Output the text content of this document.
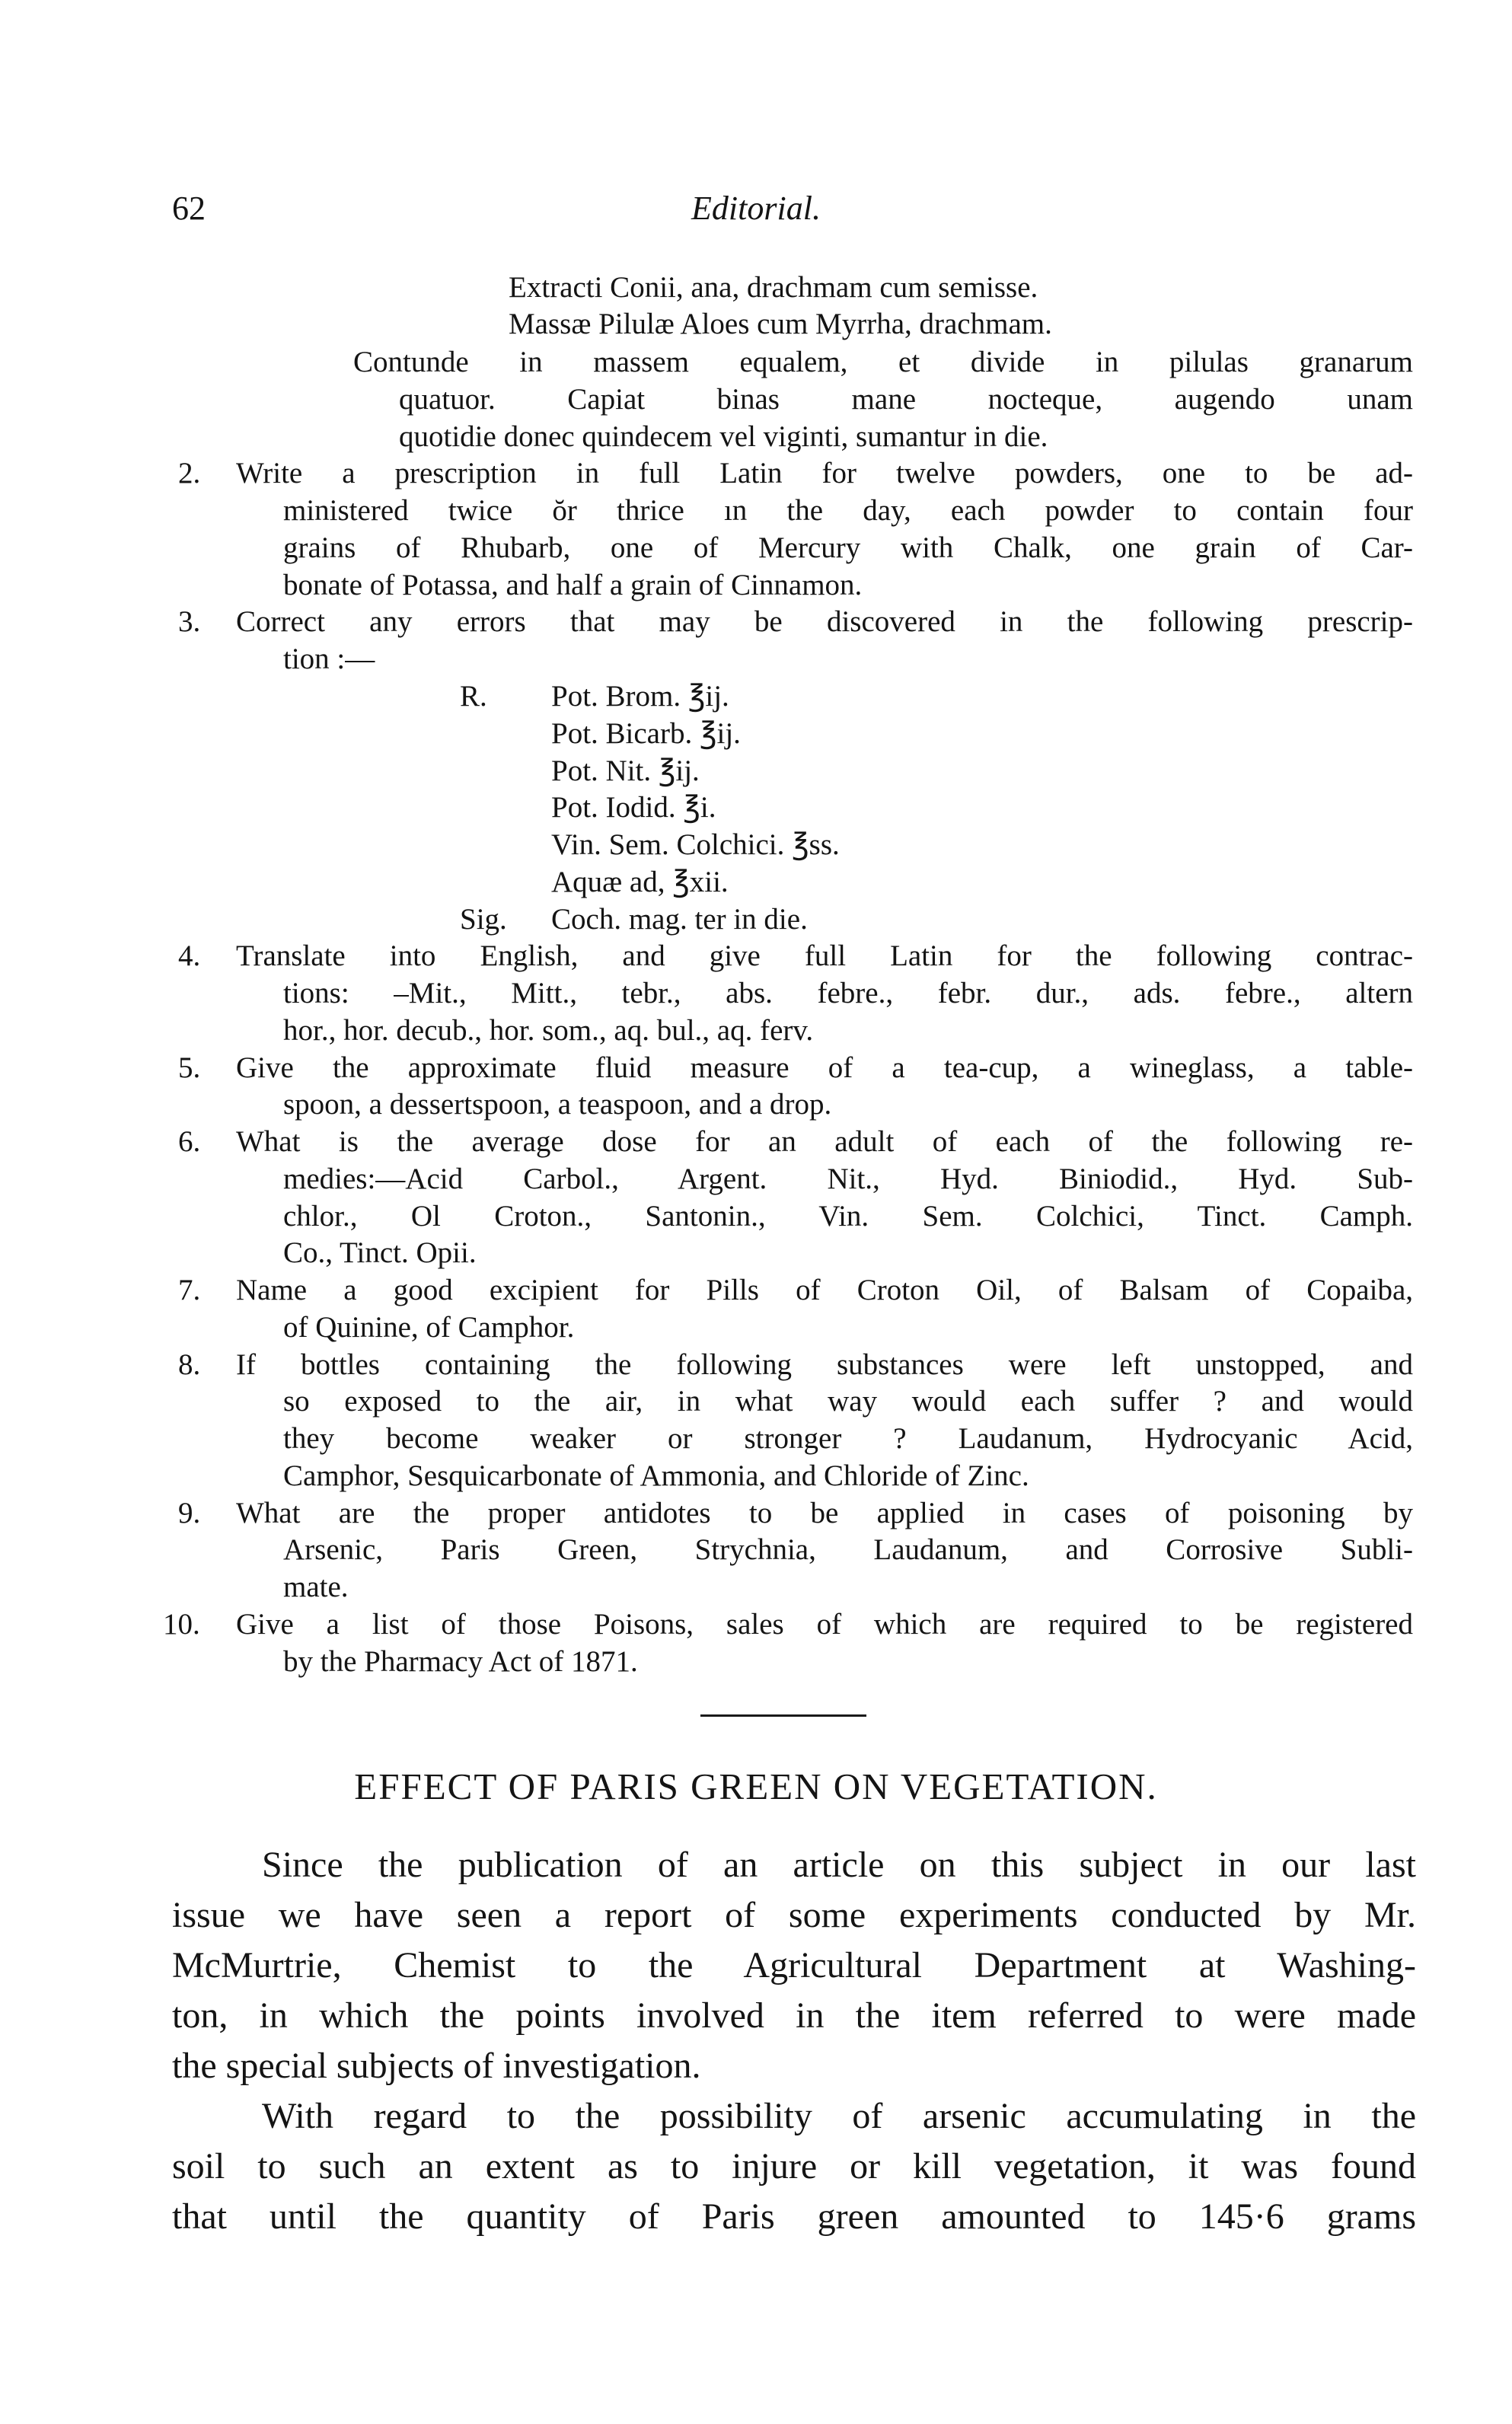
62	Editorial.
Extracti Conii, ana, drachmam cum semisse.
Massæ Pilulæ Aloes cum Myrrha, drachmam.
Contunde in massem equalem, et divide in pilulas granarum
quatuor. Capiat binas mane nocteque, augendo unam
quotidie donec quindecem vel viginti, sumantur in die.
2. Write a prescription in full Latin for twelve powders, one to be ad-
ministered twice ŏr thrice ın the day, each powder to contain four
grains of Rhubarb, one of Mercury with Chalk, one grain of Car-
bonate of Potassa, and half a grain of Cinnamon.
3. Correct any errors that may be discovered in the following prescrip-
tion :—
R. Pot. Brom. ℥ij.
Pot. Bicarb. ℥ij.
Pot. Nit. ℥ij.
Pot. Iodid. ℥i.
Vin. Sem. Colchici. ℥ss.
Aquæ ad, ℥xii.
Sig. Coch. mag. ter in die.
4. Translate into English, and give full Latin for the following contrac-
tions: –Mit., Mitt., tebr., abs. febre., febr. dur., ads. febre., altern
hor., hor. decub., hor. som., aq. bul., aq. ferv.
5. Give the approximate fluid measure of a tea-cup, a wineglass, a table-
spoon, a dessertspoon, a teaspoon, and a drop.
6. What is the average dose for an adult of each of the following re-
medies:—Acid Carbol., Argent. Nit., Hyd. Biniodid., Hyd. Sub-
chlor., Ol Croton., Santonin., Vin. Sem. Colchici, Tinct. Camph.
Co., Tinct. Opii.
7. Name a good excipient for Pills of Croton Oil, of Balsam of Copaiba,
of Quinine, of Camphor.
8. If bottles containing the following substances were left unstopped, and
so exposed to the air, in what way would each suffer ? and would
they become weaker or stronger ? Laudanum, Hydrocyanic Acid,
Camphor, Sesquicarbonate of Ammonia, and Chloride of Zinc.
9. What are the proper antidotes to be applied in cases of poisoning by
Arsenic, Paris Green, Strychnia, Laudanum, and Corrosive Subli-
mate.
10. Give a list of those Poisons, sales of which are required to be registered
by the Pharmacy Act of 1871.
EFFECT OF PARIS GREEN ON VEGETATION.
Since the publication of an article on this subject in our last
issue we have seen a report of some experiments conducted by Mr.
McMurtrie, Chemist to the Agricultural Department at Washing-
ton, in which the points involved in the item referred to were made
the special subjects of investigation.
With regard to the possibility of arsenic accumulating in the
soil to such an extent as to injure or kill vegetation, it was found
that until the quantity of Paris green amounted to 145·6 grams
